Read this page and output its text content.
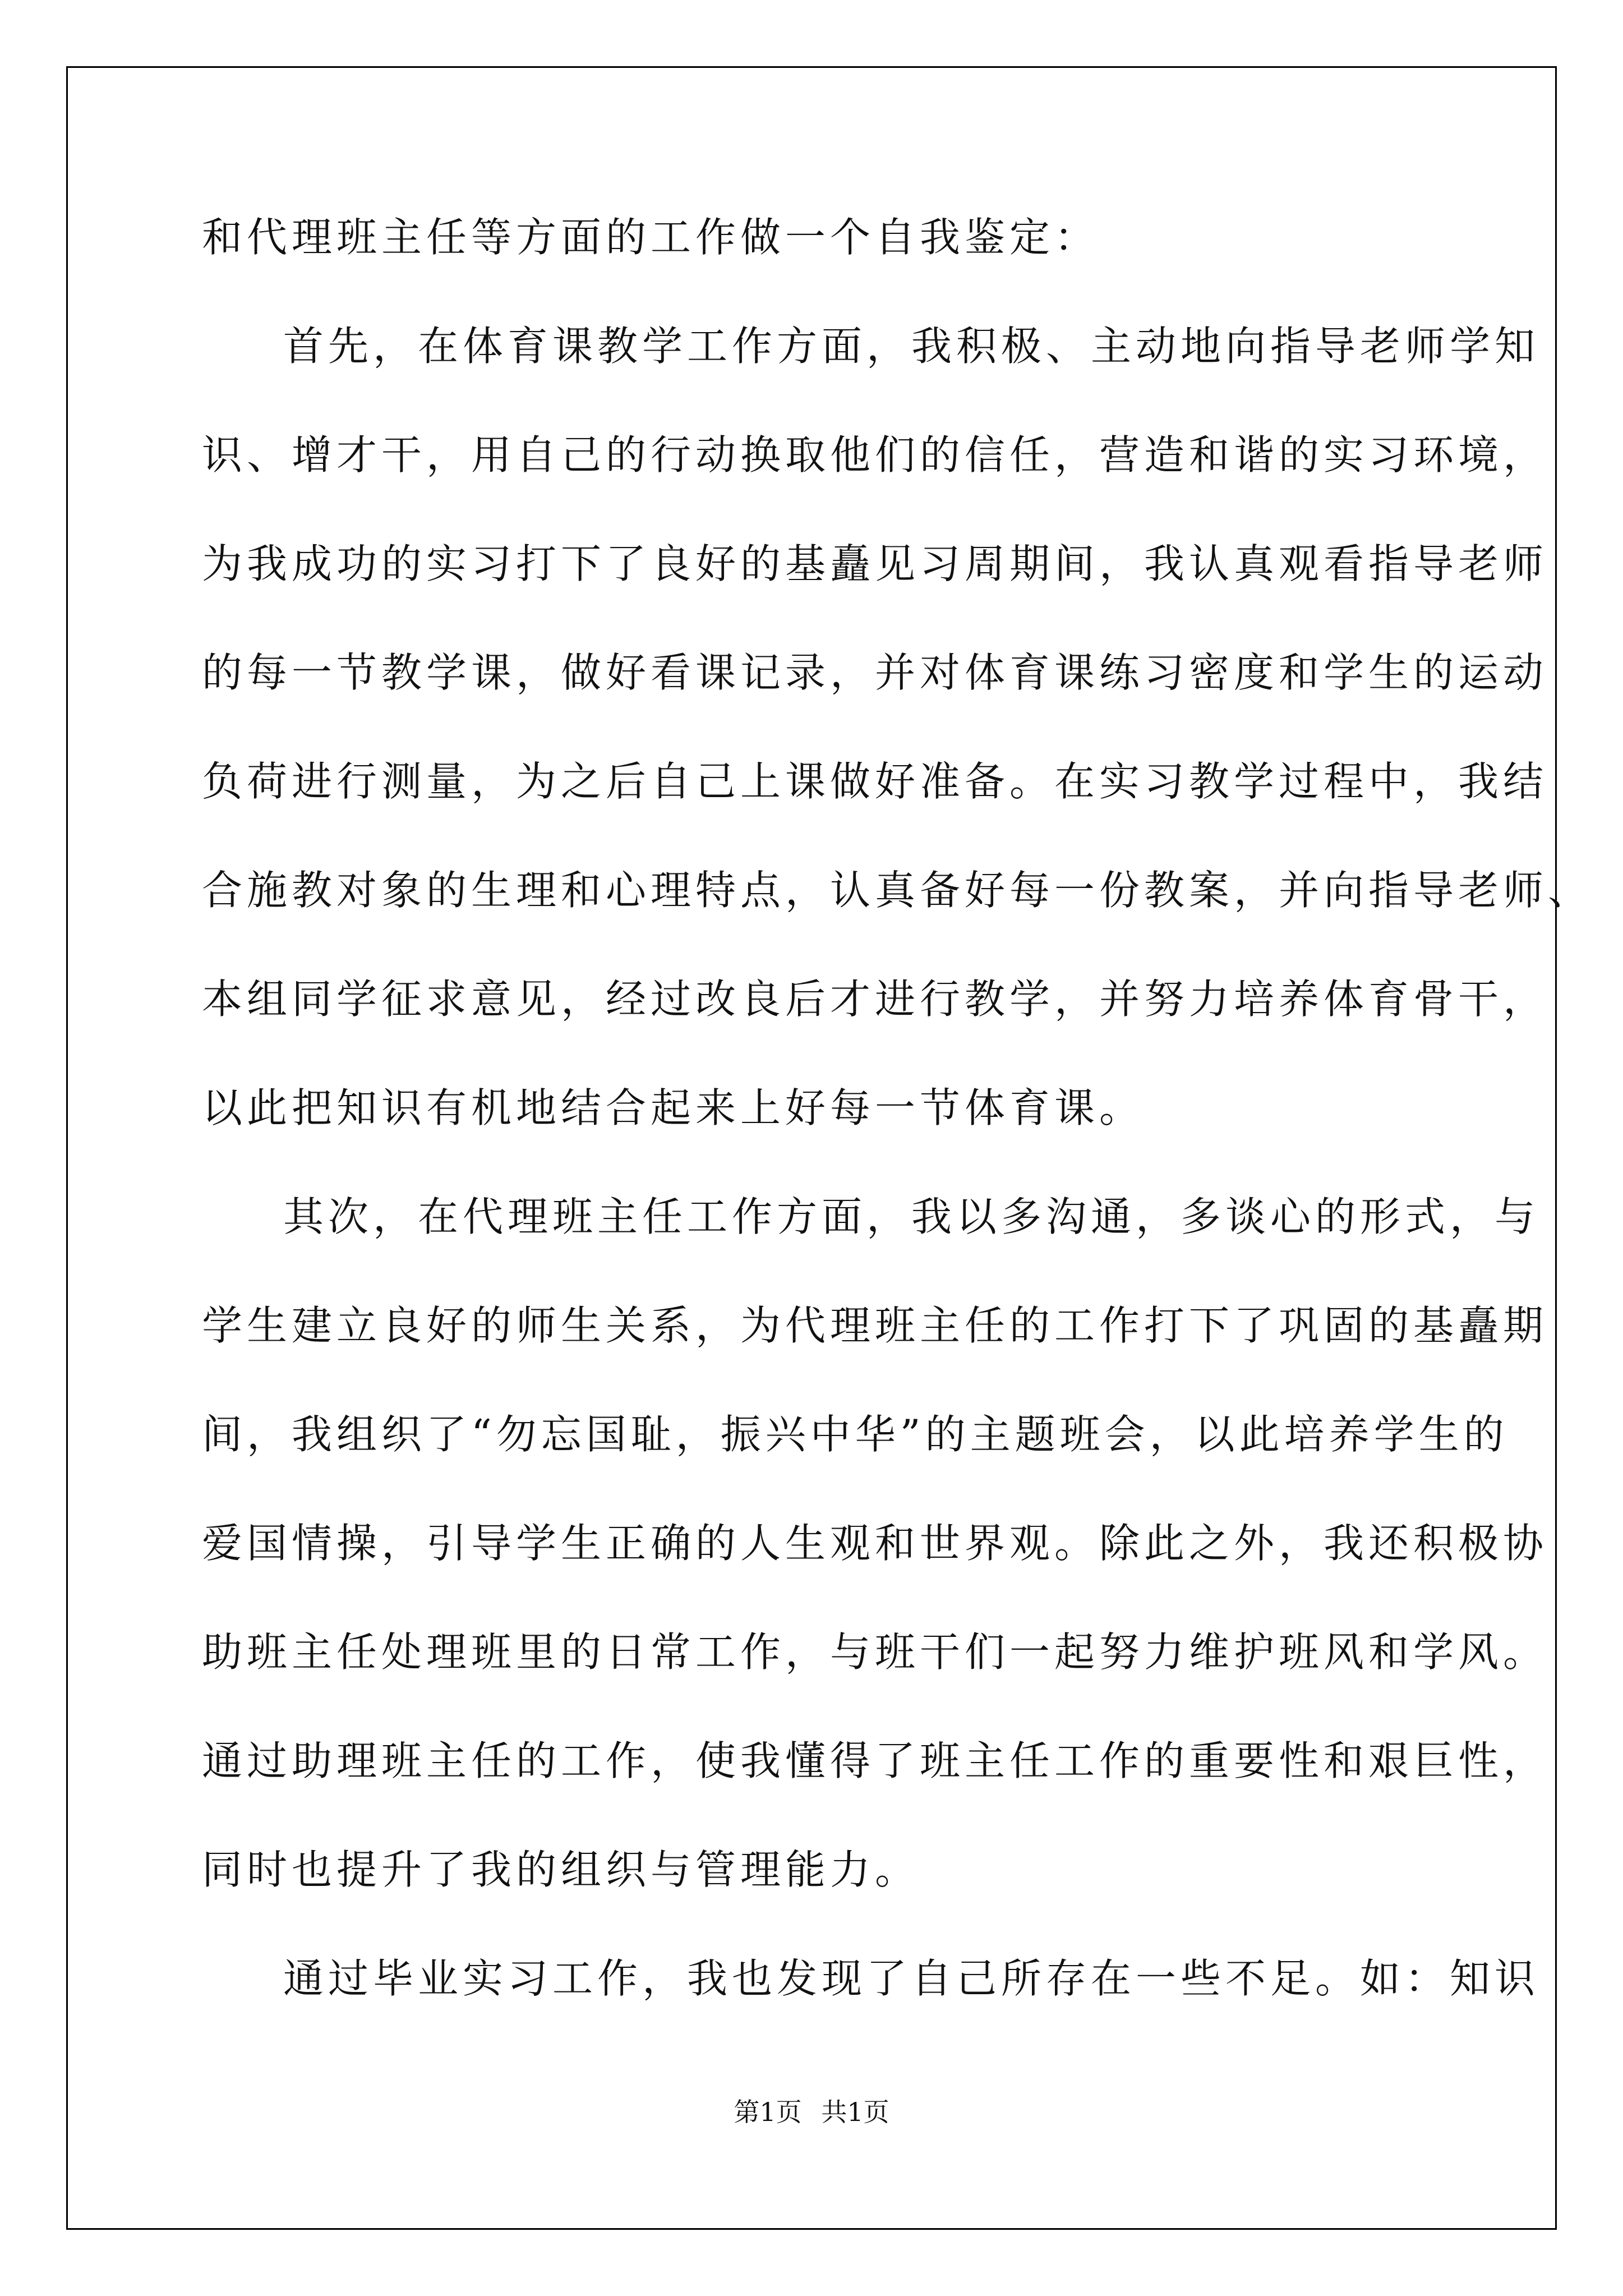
和代理班主任等方面的工作做一个自我鉴定：
首先，在体育课教学工作方面，我积极、主动地向指导老师学知
识、增才干，用自己的行动换取他们的信任，营造和谐的实习环境，
为我成功的实习打下了良好的基矗见习周期间，我认真观看指导老师
的每一节教学课，做好看课记录，并对体育课练习密度和学生的运动
负荷进行测量，为之后自己上课做好准备。在实习教学过程中，我结
合施教对象的生理和心理特点，认真备好每一份教案，并向指导老师、
本组同学征求意见，经过改良后才进行教学，并努力培养体育骨干，
以此把知识有机地结合起来上好每一节体育课。
其次，在代理班主任工作方面，我以多沟通，多谈心的形式，与
学生建立良好的师生关系，为代理班主任的工作打下了巩固的基矗期
间，我组织了“勿忘国耻，振兴中华”的主题班会，以此培养学生的
爱国情操，引导学生正确的人生观和世界观。除此之外，我还积极协
助班主任处理班里的日常工作，与班干们一起努力维护班风和学风。
通过助理班主任的工作，使我懂得了班主任工作的重要性和艰巨性，
同时也提升了我的组织与管理能力。
通过毕业实习工作，我也发现了自己所存在一些不足。如：知识
第1页 共1页
